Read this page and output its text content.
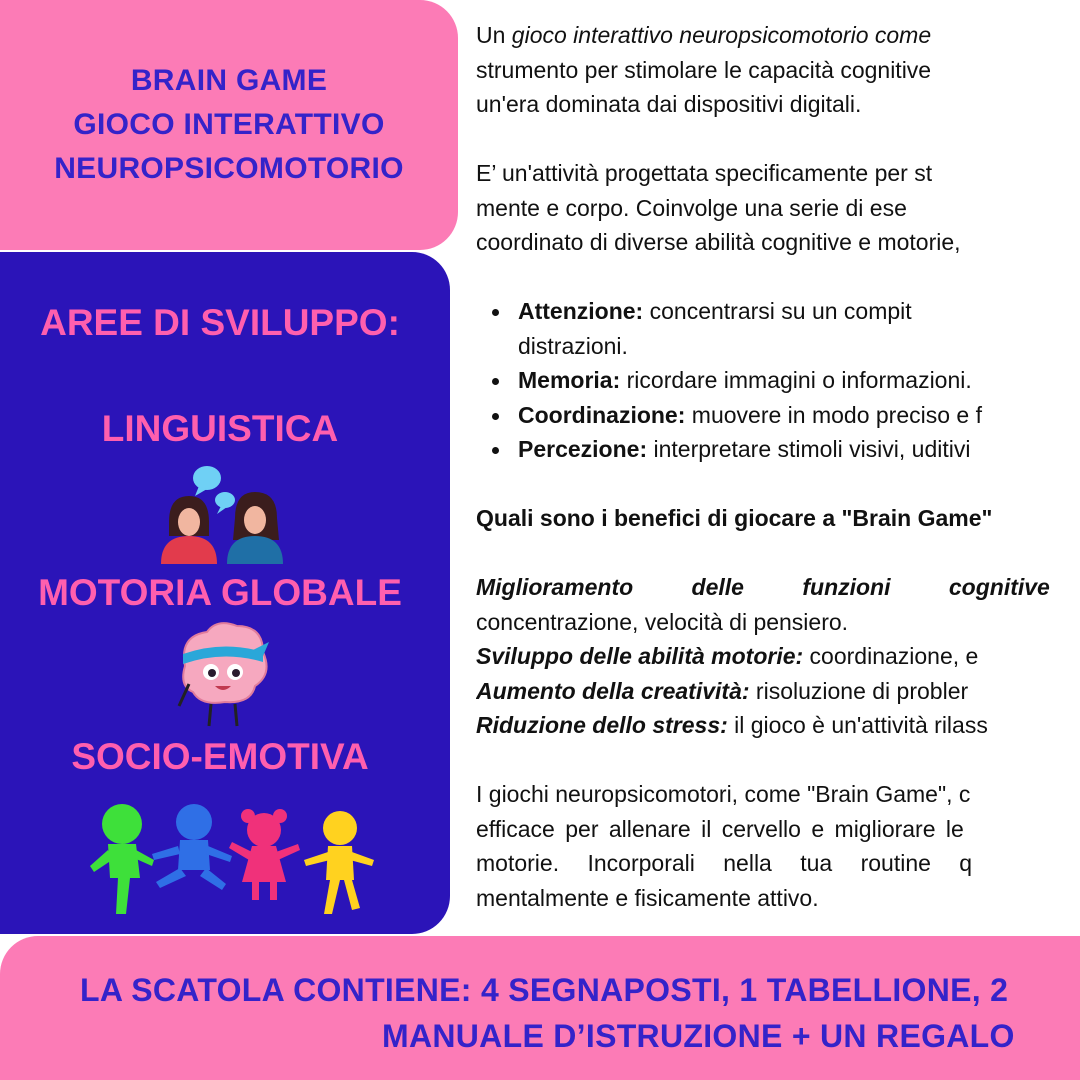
BRAIN GAME
GIOCO INTERATTIVO
NEUROPSICOMOTORIO
AREE DI SVILUPPO:
LINGUISTICA
MOTORIA GLOBALE
SOCIO-EMOTIVA

Un gioco interattivo neuropsicomotorio come

strumento per stimolare le capacità cognitive

un'era dominata dai dispositivi digitali.

E’ un'attività progettata specificamente per st

mente e corpo. Coinvolge una serie di ese

coordinato di diverse abilità cognitive e motorie,

Attenzione: concentrarsi su un compit
distrazioni.
Memoria: ricordare immagini o informazioni.
Coordinazione: muovere in modo preciso e f
Percezione: interpretare stimoli visivi, uditivi

Quali sono i benefici di giocare a "Brain Game"

Miglioramento delle funzioni cognitive

concentrazione, velocità di pensiero.

Sviluppo delle abilità motorie: coordinazione, e

Aumento della creatività: risoluzione di probler

Riduzione dello stress: il gioco è un'attività rilass

I giochi neuropsicomotori, come "Brain Game", c

efficace per allenare il cervello e migliorare le

motorie. Incorporali nella tua routine q

mentalmente e fisicamente attivo.

LA SCATOLA CONTIENE: 4 SEGNAPOSTI, 1 TABELLIONE, 2
MANUALE D’ISTRUZIONE + UN REGALO
